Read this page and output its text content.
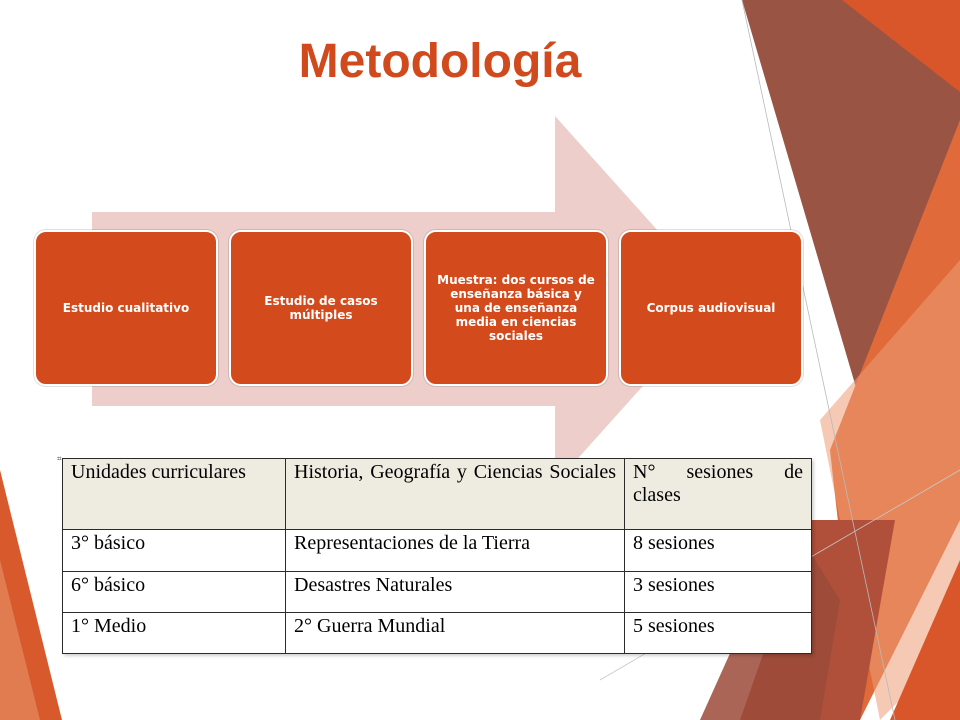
Metodología
Estudio cualitativo	Estudio de casos múltiples
Muestra: dos cursos de enseñanza básica y una de enseñanza media en ciencias sociales
Corpus audiovisual
⌗
Unidades curriculares	Historia, Geografía y Ciencias Sociales	N° sesiones de clases
3° básico	Representaciones de la Tierra	8 sesiones
6° básico	Desastres Naturales	3 sesiones
1° Medio	2° Guerra Mundial	5 sesiones
